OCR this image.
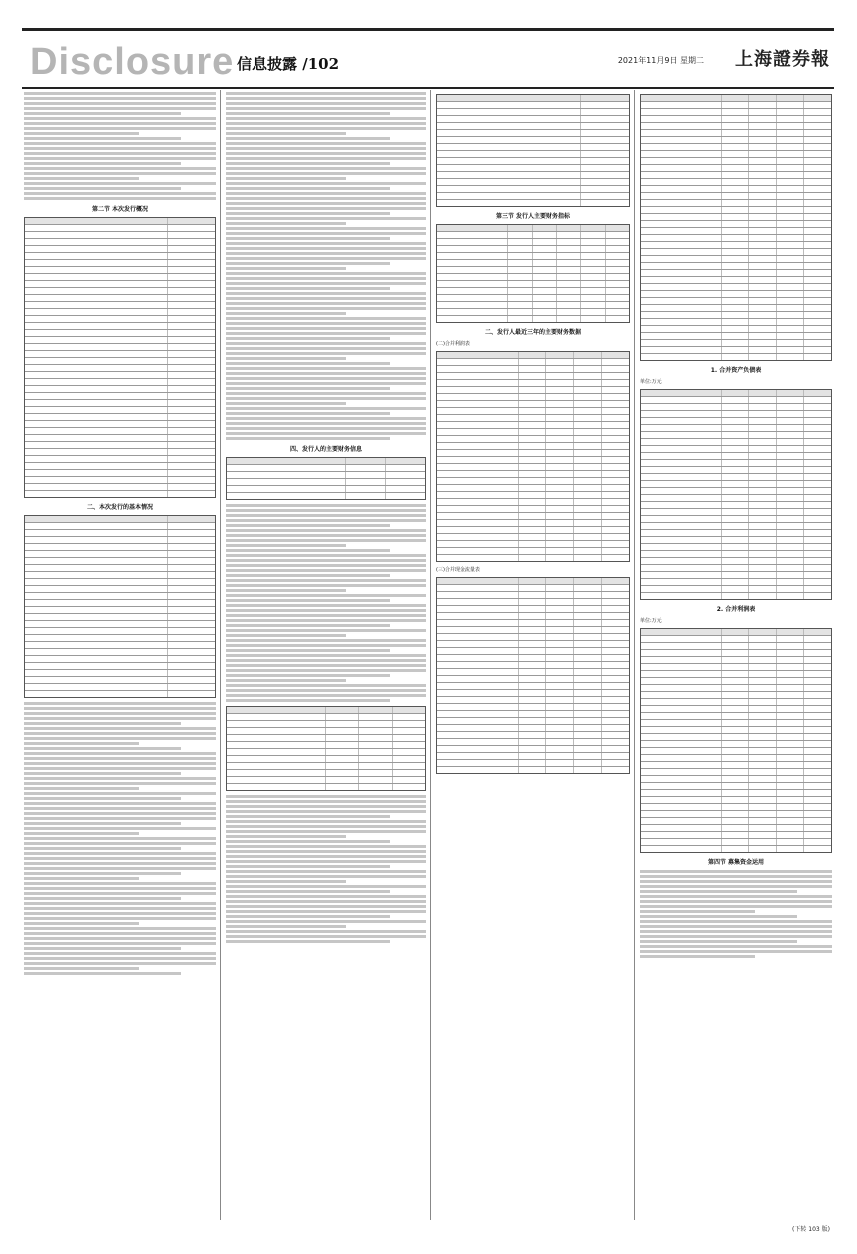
Disclosure 信息披露 /102	上海證券報
2021年11月9日 星期二
第二节 本次发行概况
二、本次发行的基本情况
四、发行人的主要财务信息
第三节 发行人主要财务指标
二、发行人最近三年的主要财务数据
(二)合并利润表
(三)合并现金流量表
1. 合并资产负债表
单位:万元
2. 合并利润表
单位:万元
第四节 募集资金运用
(下转 103 版)
